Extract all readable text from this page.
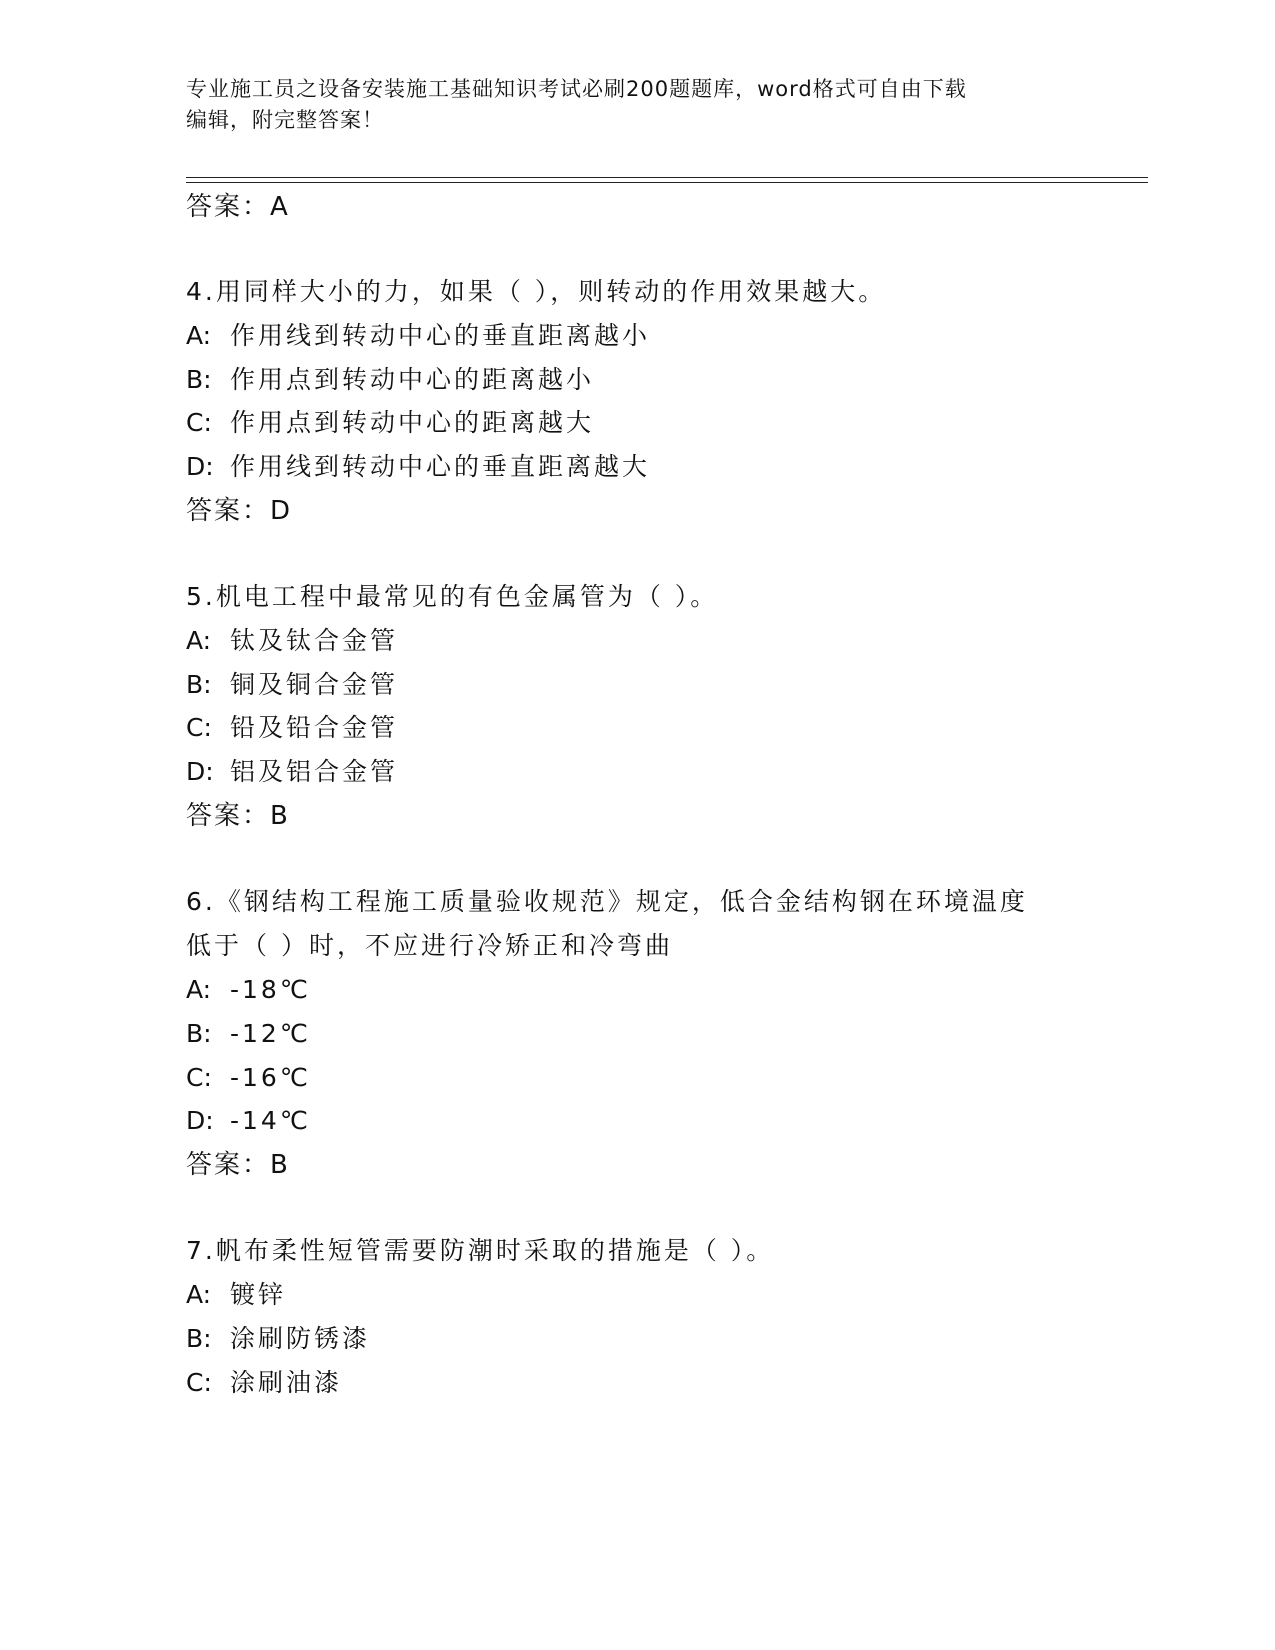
专业施工员之设备安装施工基础知识考试必刷200题题库，word格式可自由下载
编辑，附完整答案！
答案：A
4.用同样大小的力，如果（ ），则转动的作用效果越大。
A: 作用线到转动中心的垂直距离越小
B: 作用点到转动中心的距离越小
C: 作用点到转动中心的距离越大
D: 作用线到转动中心的垂直距离越大
答案：D
5.机电工程中最常见的有色金属管为（ ）。
A: 钛及钛合金管
B: 铜及铜合金管
C: 铅及铅合金管
D: 铝及铝合金管
答案：B
6.《钢结构工程施工质量验收规范》规定，低合金结构钢在环境温度
低于（ ）时，不应进行冷矫正和冷弯曲
A: -18℃
B: -12℃
C: -16℃
D: -14℃
答案：B
7.帆布柔性短管需要防潮时采取的措施是（ ）。
A: 镀锌
B: 涂刷防锈漆
C: 涂刷油漆
